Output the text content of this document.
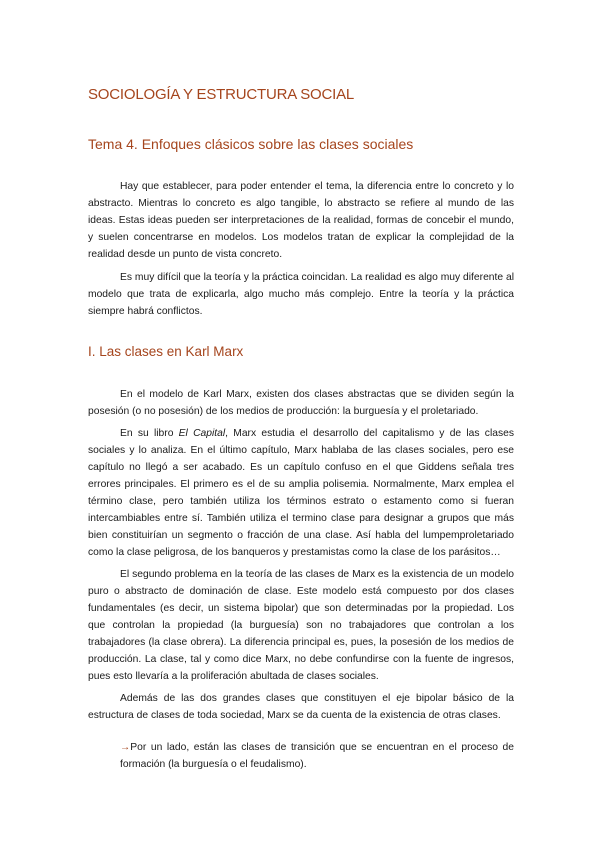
SOCIOLOGÍA Y ESTRUCTURA SOCIAL
Tema 4. Enfoques clásicos sobre las clases sociales

Hay que establecer, para poder entender el tema, la diferencia entre lo concreto y lo abstracto. Mientras lo concreto es algo tangible, lo abstracto se refiere al mundo de las ideas. Estas ideas pueden ser interpretaciones de la realidad, formas de concebir el mundo, y suelen concentrarse en modelos. Los modelos tratan de explicar la complejidad de la realidad desde un punto de vista concreto.

Es muy difícil que la teoría y la práctica coincidan. La realidad es algo muy diferente al modelo que trata de explicarla, algo mucho más complejo. Entre la teoría y la práctica siempre habrá conflictos.

I. Las clases en Karl Marx

En el modelo de Karl Marx, existen dos clases abstractas que se dividen según la posesión (o no posesión) de los medios de producción: la burguesía y el proletariado.

En su libro El Capital, Marx estudia el desarrollo del capitalismo y de las clases sociales y lo analiza. En el último capítulo, Marx hablaba de las clases sociales, pero ese capítulo no llegó a ser acabado. Es un capítulo confuso en el que Giddens señala tres errores principales. El primero es el de su amplia polisemia. Normalmente, Marx emplea el término clase, pero también utiliza los términos estrato o estamento como si fueran intercambiables entre sí. También utiliza el termino clase para designar a grupos que más bien constituirían un segmento o fracción de una clase. Así habla del lumpemproletariado como la clase peligrosa, de los banqueros y prestamistas como la clase de los parásitos…

El segundo problema en la teoría de las clases de Marx es la existencia de un modelo puro o abstracto de dominación de clase. Este modelo está compuesto por dos clases fundamentales (es decir, un sistema bipolar) que son determinadas por la propiedad. Los que controlan la propiedad (la burguesía) son no trabajadores que controlan a los trabajadores (la clase obrera). La diferencia principal es, pues, la posesión de los medios de producción. La clase, tal y como dice Marx, no debe confundirse con la fuente de ingresos, pues esto llevaría a la proliferación abultada de clases sociales.

Además de las dos grandes clases que constituyen el eje bipolar básico de la estructura de clases de toda sociedad, Marx se da cuenta de la existencia de otras clases.

→Por un lado, están las clases de transición que se encuentran en el proceso de formación (la burguesía o el feudalismo).
